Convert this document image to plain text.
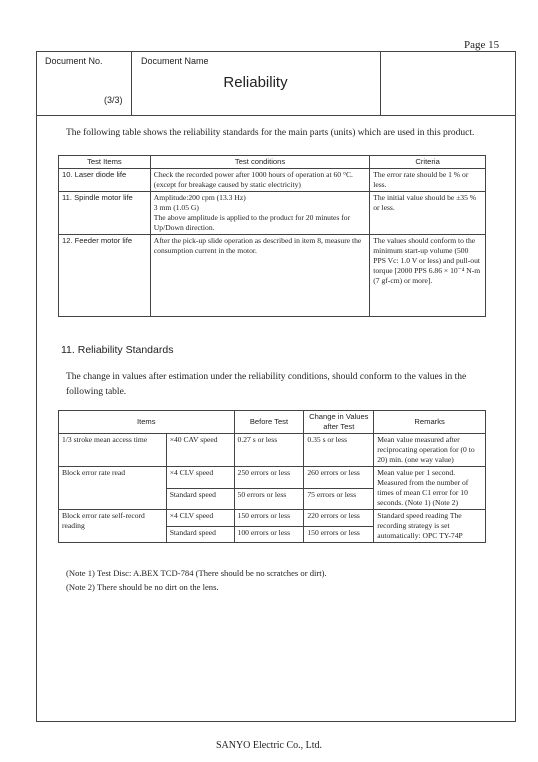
Page 15
Document No.
(3/3)
Document Name
Reliability
The following table shows the reliability standards for the main parts (units) which are used in this product.
Test Items	Test conditions	Criteria
10. Laser diode life	Check the recorded power after 1000 hours of operation at 60 °C.
(except for breakage caused by static electricity)	The error rate should be 1 % or less.
11. Spindle motor life	Amplitude:200 cpm (13.3 Hz)
3 mm (1.05 G)
The above amplitude is applied to the product for 20 minutes for Up/Down direction.	The initial value should be ±35 % or less.
12. Feeder motor life	After the pick-up slide operation as described in item 8, measure the consumption current in the motor.	The values should conform to the minimum start-up volume (500 PPS Vc: 1.0 V or less) and pull-out torque [2000 PPS 6.86 × 10⁻⁴ N-m (7 gf-cm) or more].
11. Reliability Standards
The change in values after estimation under the reliability conditions, should conform to the values in the following table.
Items		Before Test	Change in Values after Test	Remarks
1/3 stroke mean access time	×40 CAV speed	0.27 s or less	0.35 s or less	Mean value measured after reciprocating operation for (0 to 20) min. (one way value)
Block error rate read	×4 CLV speed	250 errors or less	260 errors or less	Mean value per 1 second. Measured from the number of times of mean C1 error for 10 seconds. (Note 1) (Note 2)
	Standard speed	50 errors or less	75 errors or less	
Block error rate self-record reading	×4 CLV speed	150 errors or less	220 errors or less	Standard speed reading The recording strategy is set automatically: OPC TY-74P
	Standard speed	100 errors or less	150 errors or less	
(Note 1) Test Disc: A.BEX TCD-784 (There should be no scratches or dirt).
(Note 2) There should be no dirt on the lens.
SANYO Electric Co., Ltd.
